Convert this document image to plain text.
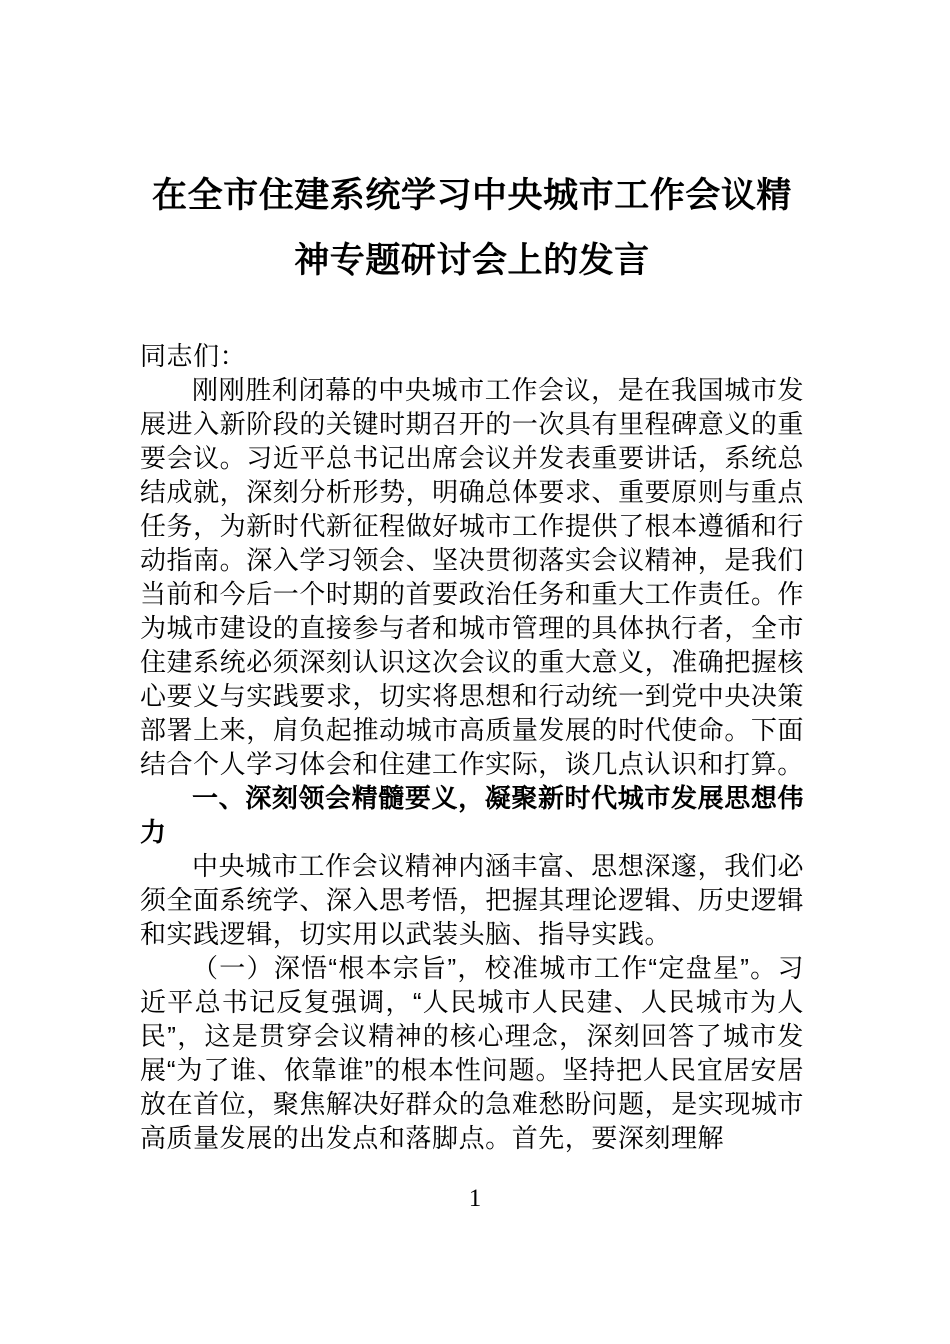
在全市住建系统学习中央城市工作会议精神专题研讨会上的发言

同志们：

刚刚胜利闭幕的中央城市工作会议，是在我国城市发展进入新阶段的关键时期召开的一次具有里程碑意义的重要会议。习近平总书记出席会议并发表重要讲话，系统总结成就，深刻分析形势，明确总体要求、重要原则与重点任务，为新时代新征程做好城市工作提供了根本遵循和行动指南。深入学习领会、坚决贯彻落实会议精神，是我们当前和今后一个时期的首要政治任务和重大工作责任。作为城市建设的直接参与者和城市管理的具体执行者，全市住建系统必须深刻认识这次会议的重大意义，准确把握核心要义与实践要求，切实将思想和行动统一到党中央决策部署上来，肩负起推动城市高质量发展的时代使命。下面结合个人学习体会和住建工作实际，谈几点认识和打算。

一、深刻领会精髓要义，凝聚新时代城市发展思想伟力

中央城市工作会议精神内涵丰富、思想深邃，我们必须全面系统学、深入思考悟，把握其理论逻辑、历史逻辑和实践逻辑，切实用以武装头脑、指导实践。

（一）深悟“根本宗旨”，校准城市工作“定盘星”。习近平总书记反复强调，“人民城市人民建、人民城市为人民”，这是贯穿会议精神的核心理念，深刻回答了城市发展“为了谁、依靠谁”的根本性问题。坚持把人民宜居安居放在首位，聚焦解决好群众的急难愁盼问题，是实现城市高质量发展的出发点和落脚点。首先，要深刻理解

1
